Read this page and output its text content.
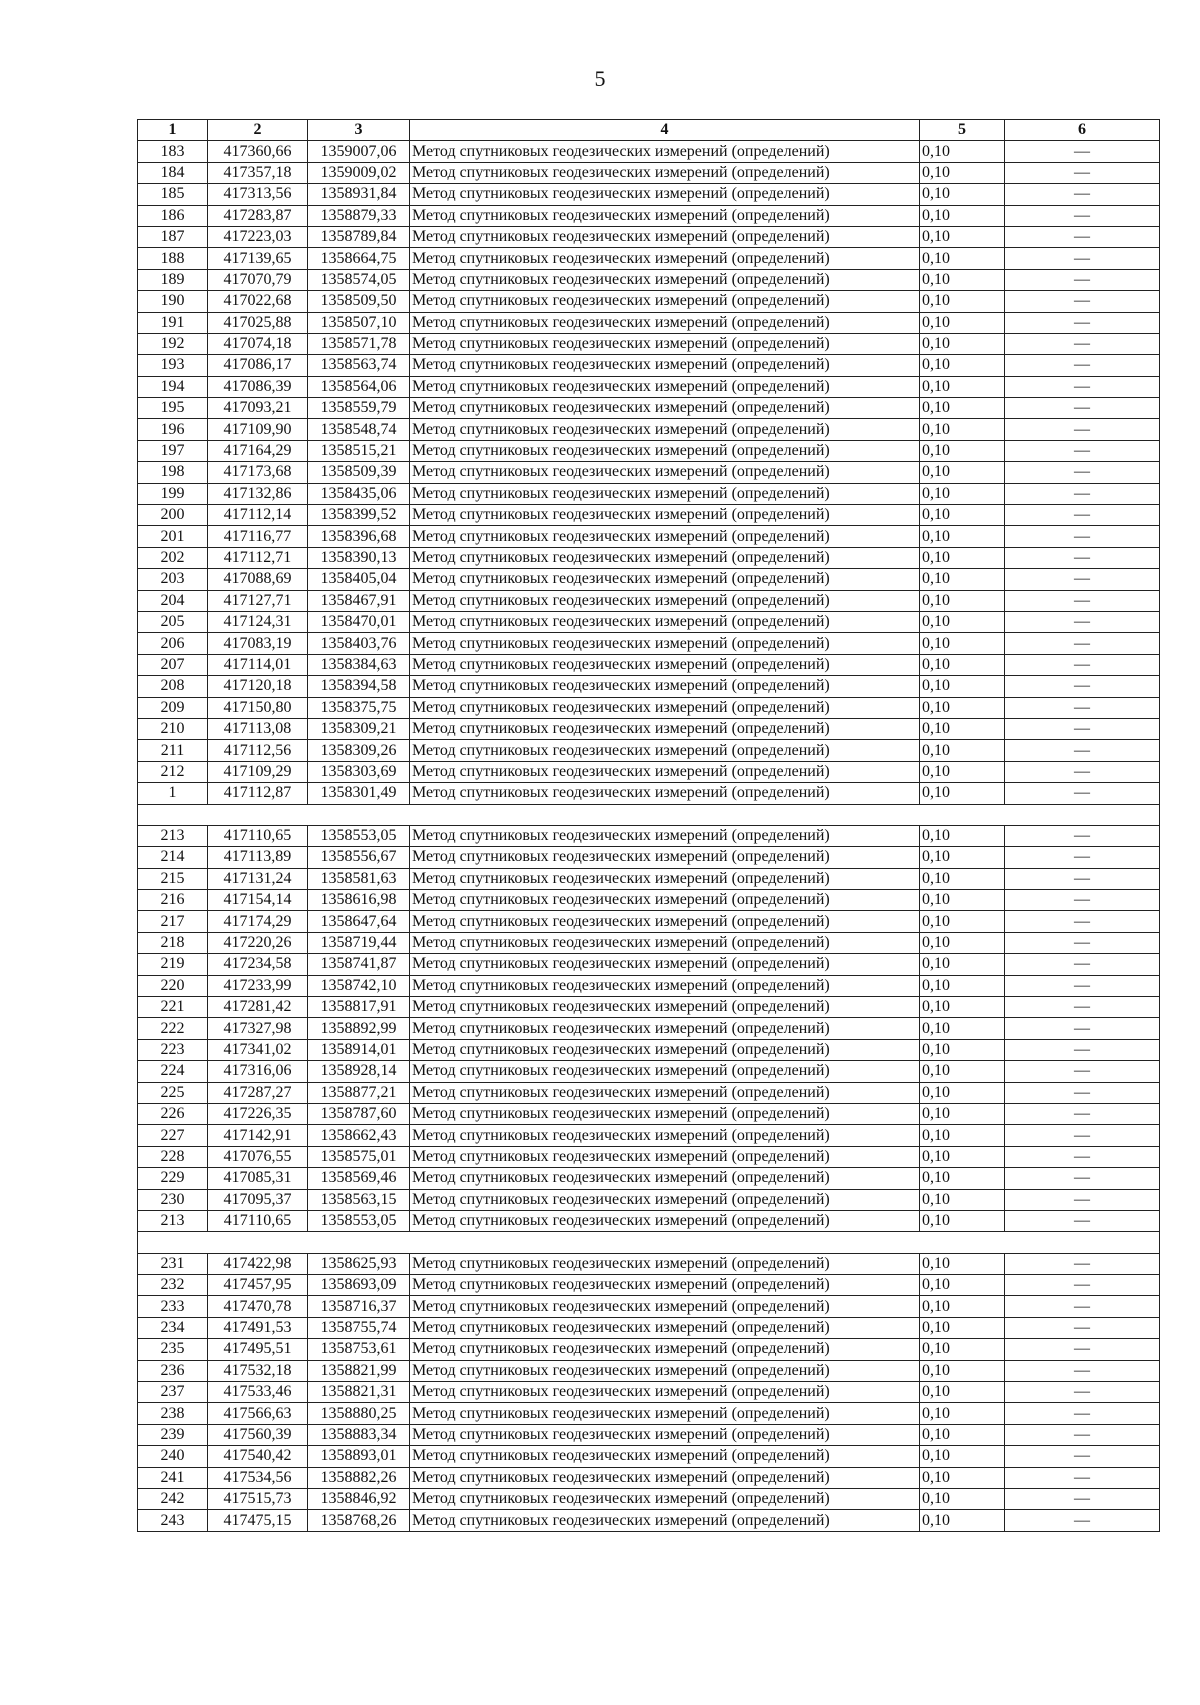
5
1	2	3	4	5	6
183	417360,66	1359007,06	Метод спутниковых геодезических измерений (определений)	0,10	—
184	417357,18	1359009,02	Метод спутниковых геодезических измерений (определений)	0,10	—
185	417313,56	1358931,84	Метод спутниковых геодезических измерений (определений)	0,10	—
186	417283,87	1358879,33	Метод спутниковых геодезических измерений (определений)	0,10	—
187	417223,03	1358789,84	Метод спутниковых геодезических измерений (определений)	0,10	—
188	417139,65	1358664,75	Метод спутниковых геодезических измерений (определений)	0,10	—
189	417070,79	1358574,05	Метод спутниковых геодезических измерений (определений)	0,10	—
190	417022,68	1358509,50	Метод спутниковых геодезических измерений (определений)	0,10	—
191	417025,88	1358507,10	Метод спутниковых геодезических измерений (определений)	0,10	—
192	417074,18	1358571,78	Метод спутниковых геодезических измерений (определений)	0,10	—
193	417086,17	1358563,74	Метод спутниковых геодезических измерений (определений)	0,10	—
194	417086,39	1358564,06	Метод спутниковых геодезических измерений (определений)	0,10	—
195	417093,21	1358559,79	Метод спутниковых геодезических измерений (определений)	0,10	—
196	417109,90	1358548,74	Метод спутниковых геодезических измерений (определений)	0,10	—
197	417164,29	1358515,21	Метод спутниковых геодезических измерений (определений)	0,10	—
198	417173,68	1358509,39	Метод спутниковых геодезических измерений (определений)	0,10	—
199	417132,86	1358435,06	Метод спутниковых геодезических измерений (определений)	0,10	—
200	417112,14	1358399,52	Метод спутниковых геодезических измерений (определений)	0,10	—
201	417116,77	1358396,68	Метод спутниковых геодезических измерений (определений)	0,10	—
202	417112,71	1358390,13	Метод спутниковых геодезических измерений (определений)	0,10	—
203	417088,69	1358405,04	Метод спутниковых геодезических измерений (определений)	0,10	—
204	417127,71	1358467,91	Метод спутниковых геодезических измерений (определений)	0,10	—
205	417124,31	1358470,01	Метод спутниковых геодезических измерений (определений)	0,10	—
206	417083,19	1358403,76	Метод спутниковых геодезических измерений (определений)	0,10	—
207	417114,01	1358384,63	Метод спутниковых геодезических измерений (определений)	0,10	—
208	417120,18	1358394,58	Метод спутниковых геодезических измерений (определений)	0,10	—
209	417150,80	1358375,75	Метод спутниковых геодезических измерений (определений)	0,10	—
210	417113,08	1358309,21	Метод спутниковых геодезических измерений (определений)	0,10	—
211	417112,56	1358309,26	Метод спутниковых геодезических измерений (определений)	0,10	—
212	417109,29	1358303,69	Метод спутниковых геодезических измерений (определений)	0,10	—
1	417112,87	1358301,49	Метод спутниковых геодезических измерений (определений)	0,10	—

213	417110,65	1358553,05	Метод спутниковых геодезических измерений (определений)	0,10	—
214	417113,89	1358556,67	Метод спутниковых геодезических измерений (определений)	0,10	—
215	417131,24	1358581,63	Метод спутниковых геодезических измерений (определений)	0,10	—
216	417154,14	1358616,98	Метод спутниковых геодезических измерений (определений)	0,10	—
217	417174,29	1358647,64	Метод спутниковых геодезических измерений (определений)	0,10	—
218	417220,26	1358719,44	Метод спутниковых геодезических измерений (определений)	0,10	—
219	417234,58	1358741,87	Метод спутниковых геодезических измерений (определений)	0,10	—
220	417233,99	1358742,10	Метод спутниковых геодезических измерений (определений)	0,10	—
221	417281,42	1358817,91	Метод спутниковых геодезических измерений (определений)	0,10	—
222	417327,98	1358892,99	Метод спутниковых геодезических измерений (определений)	0,10	—
223	417341,02	1358914,01	Метод спутниковых геодезических измерений (определений)	0,10	—
224	417316,06	1358928,14	Метод спутниковых геодезических измерений (определений)	0,10	—
225	417287,27	1358877,21	Метод спутниковых геодезических измерений (определений)	0,10	—
226	417226,35	1358787,60	Метод спутниковых геодезических измерений (определений)	0,10	—
227	417142,91	1358662,43	Метод спутниковых геодезических измерений (определений)	0,10	—
228	417076,55	1358575,01	Метод спутниковых геодезических измерений (определений)	0,10	—
229	417085,31	1358569,46	Метод спутниковых геодезических измерений (определений)	0,10	—
230	417095,37	1358563,15	Метод спутниковых геодезических измерений (определений)	0,10	—
213	417110,65	1358553,05	Метод спутниковых геодезических измерений (определений)	0,10	—

231	417422,98	1358625,93	Метод спутниковых геодезических измерений (определений)	0,10	—
232	417457,95	1358693,09	Метод спутниковых геодезических измерений (определений)	0,10	—
233	417470,78	1358716,37	Метод спутниковых геодезических измерений (определений)	0,10	—
234	417491,53	1358755,74	Метод спутниковых геодезических измерений (определений)	0,10	—
235	417495,51	1358753,61	Метод спутниковых геодезических измерений (определений)	0,10	—
236	417532,18	1358821,99	Метод спутниковых геодезических измерений (определений)	0,10	—
237	417533,46	1358821,31	Метод спутниковых геодезических измерений (определений)	0,10	—
238	417566,63	1358880,25	Метод спутниковых геодезических измерений (определений)	0,10	—
239	417560,39	1358883,34	Метод спутниковых геодезических измерений (определений)	0,10	—
240	417540,42	1358893,01	Метод спутниковых геодезических измерений (определений)	0,10	—
241	417534,56	1358882,26	Метод спутниковых геодезических измерений (определений)	0,10	—
242	417515,73	1358846,92	Метод спутниковых геодезических измерений (определений)	0,10	—
243	417475,15	1358768,26	Метод спутниковых геодезических измерений (определений)	0,10	—
